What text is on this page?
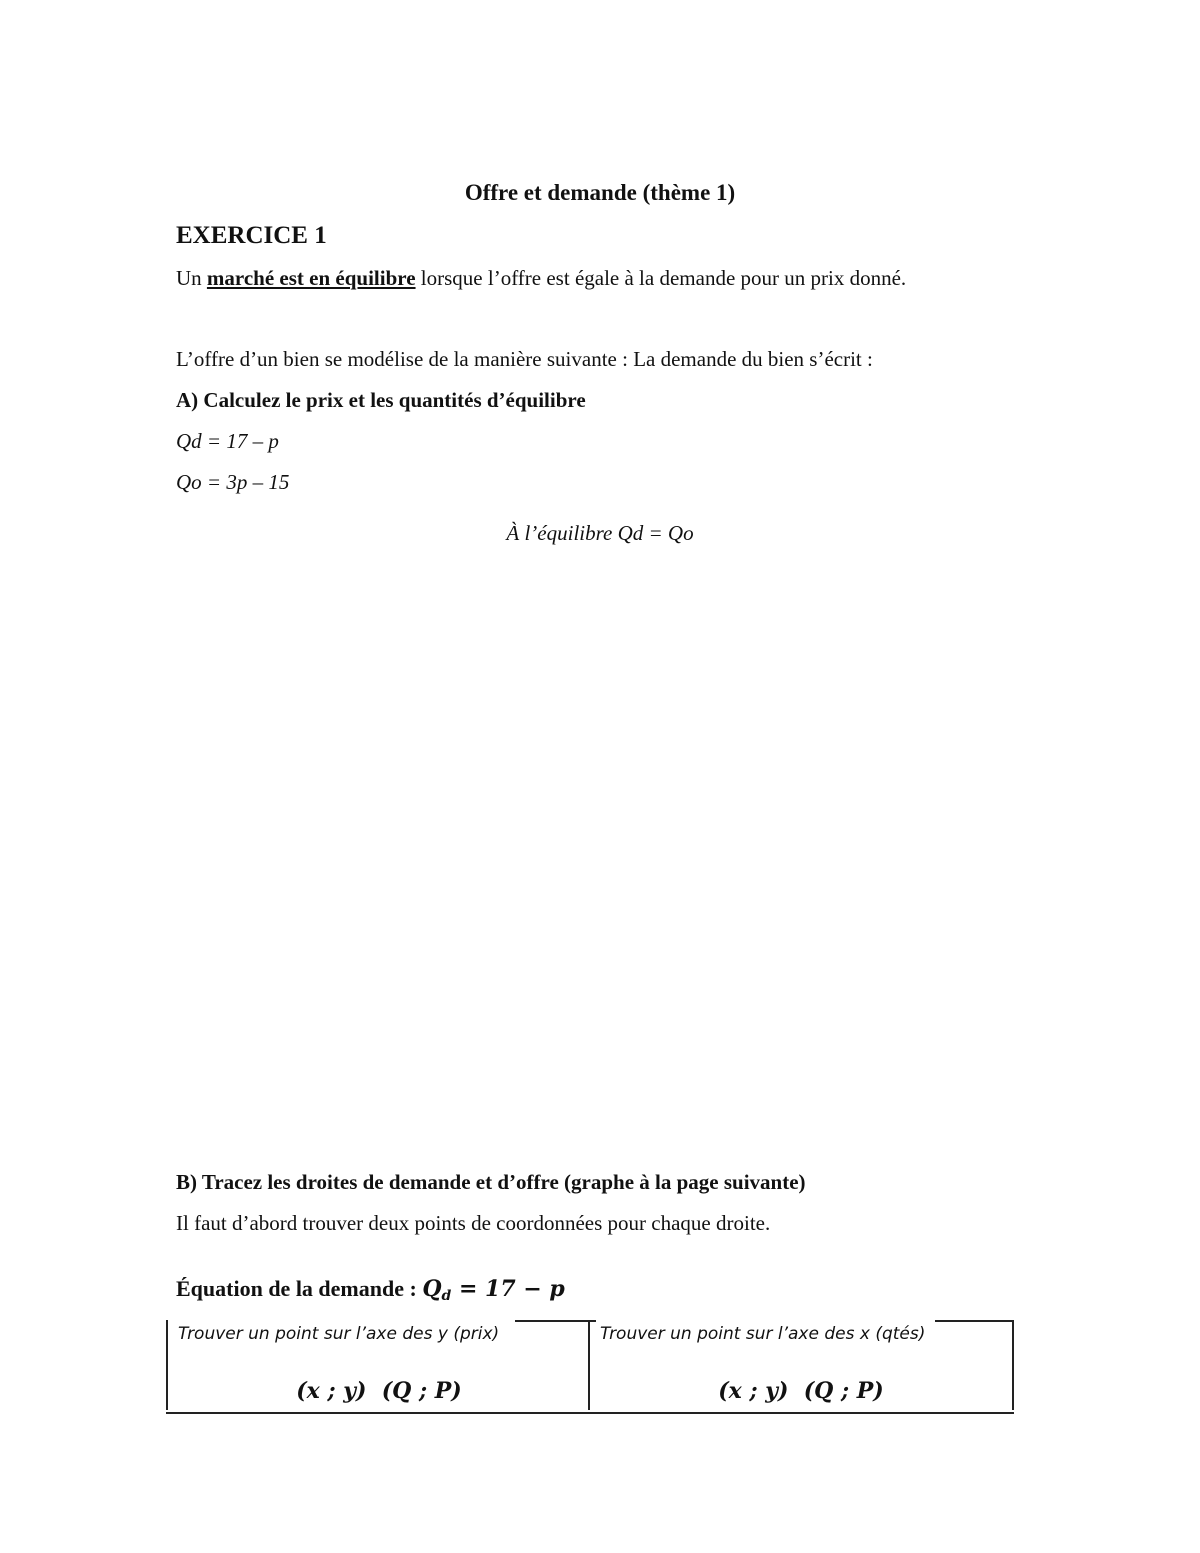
Offre et demande (thème 1)
EXERCICE 1
Un marché est en équilibre lorsque l’offre est égale à la demande pour un prix donné.
L’offre d’un bien se modélise de la manière suivante : La demande du bien s’écrit :
A) Calculez le prix et les quantités d’équilibre
Qd = 17 – p
Qo = 3p – 15
À l’équilibre Qd = Qo
B) Tracez les droites de demande et d’offre (graphe à la page suivante)
Il faut d’abord trouver deux points de coordonnées pour chaque droite.
Équation de la demande : $Q_d = 17 - p$
Trouver un point sur l’axe des y (prix)
(x ; y)  (Q ; P)
Trouver un point sur l’axe des x (qtés)
(x ; y)  (Q ; P)
